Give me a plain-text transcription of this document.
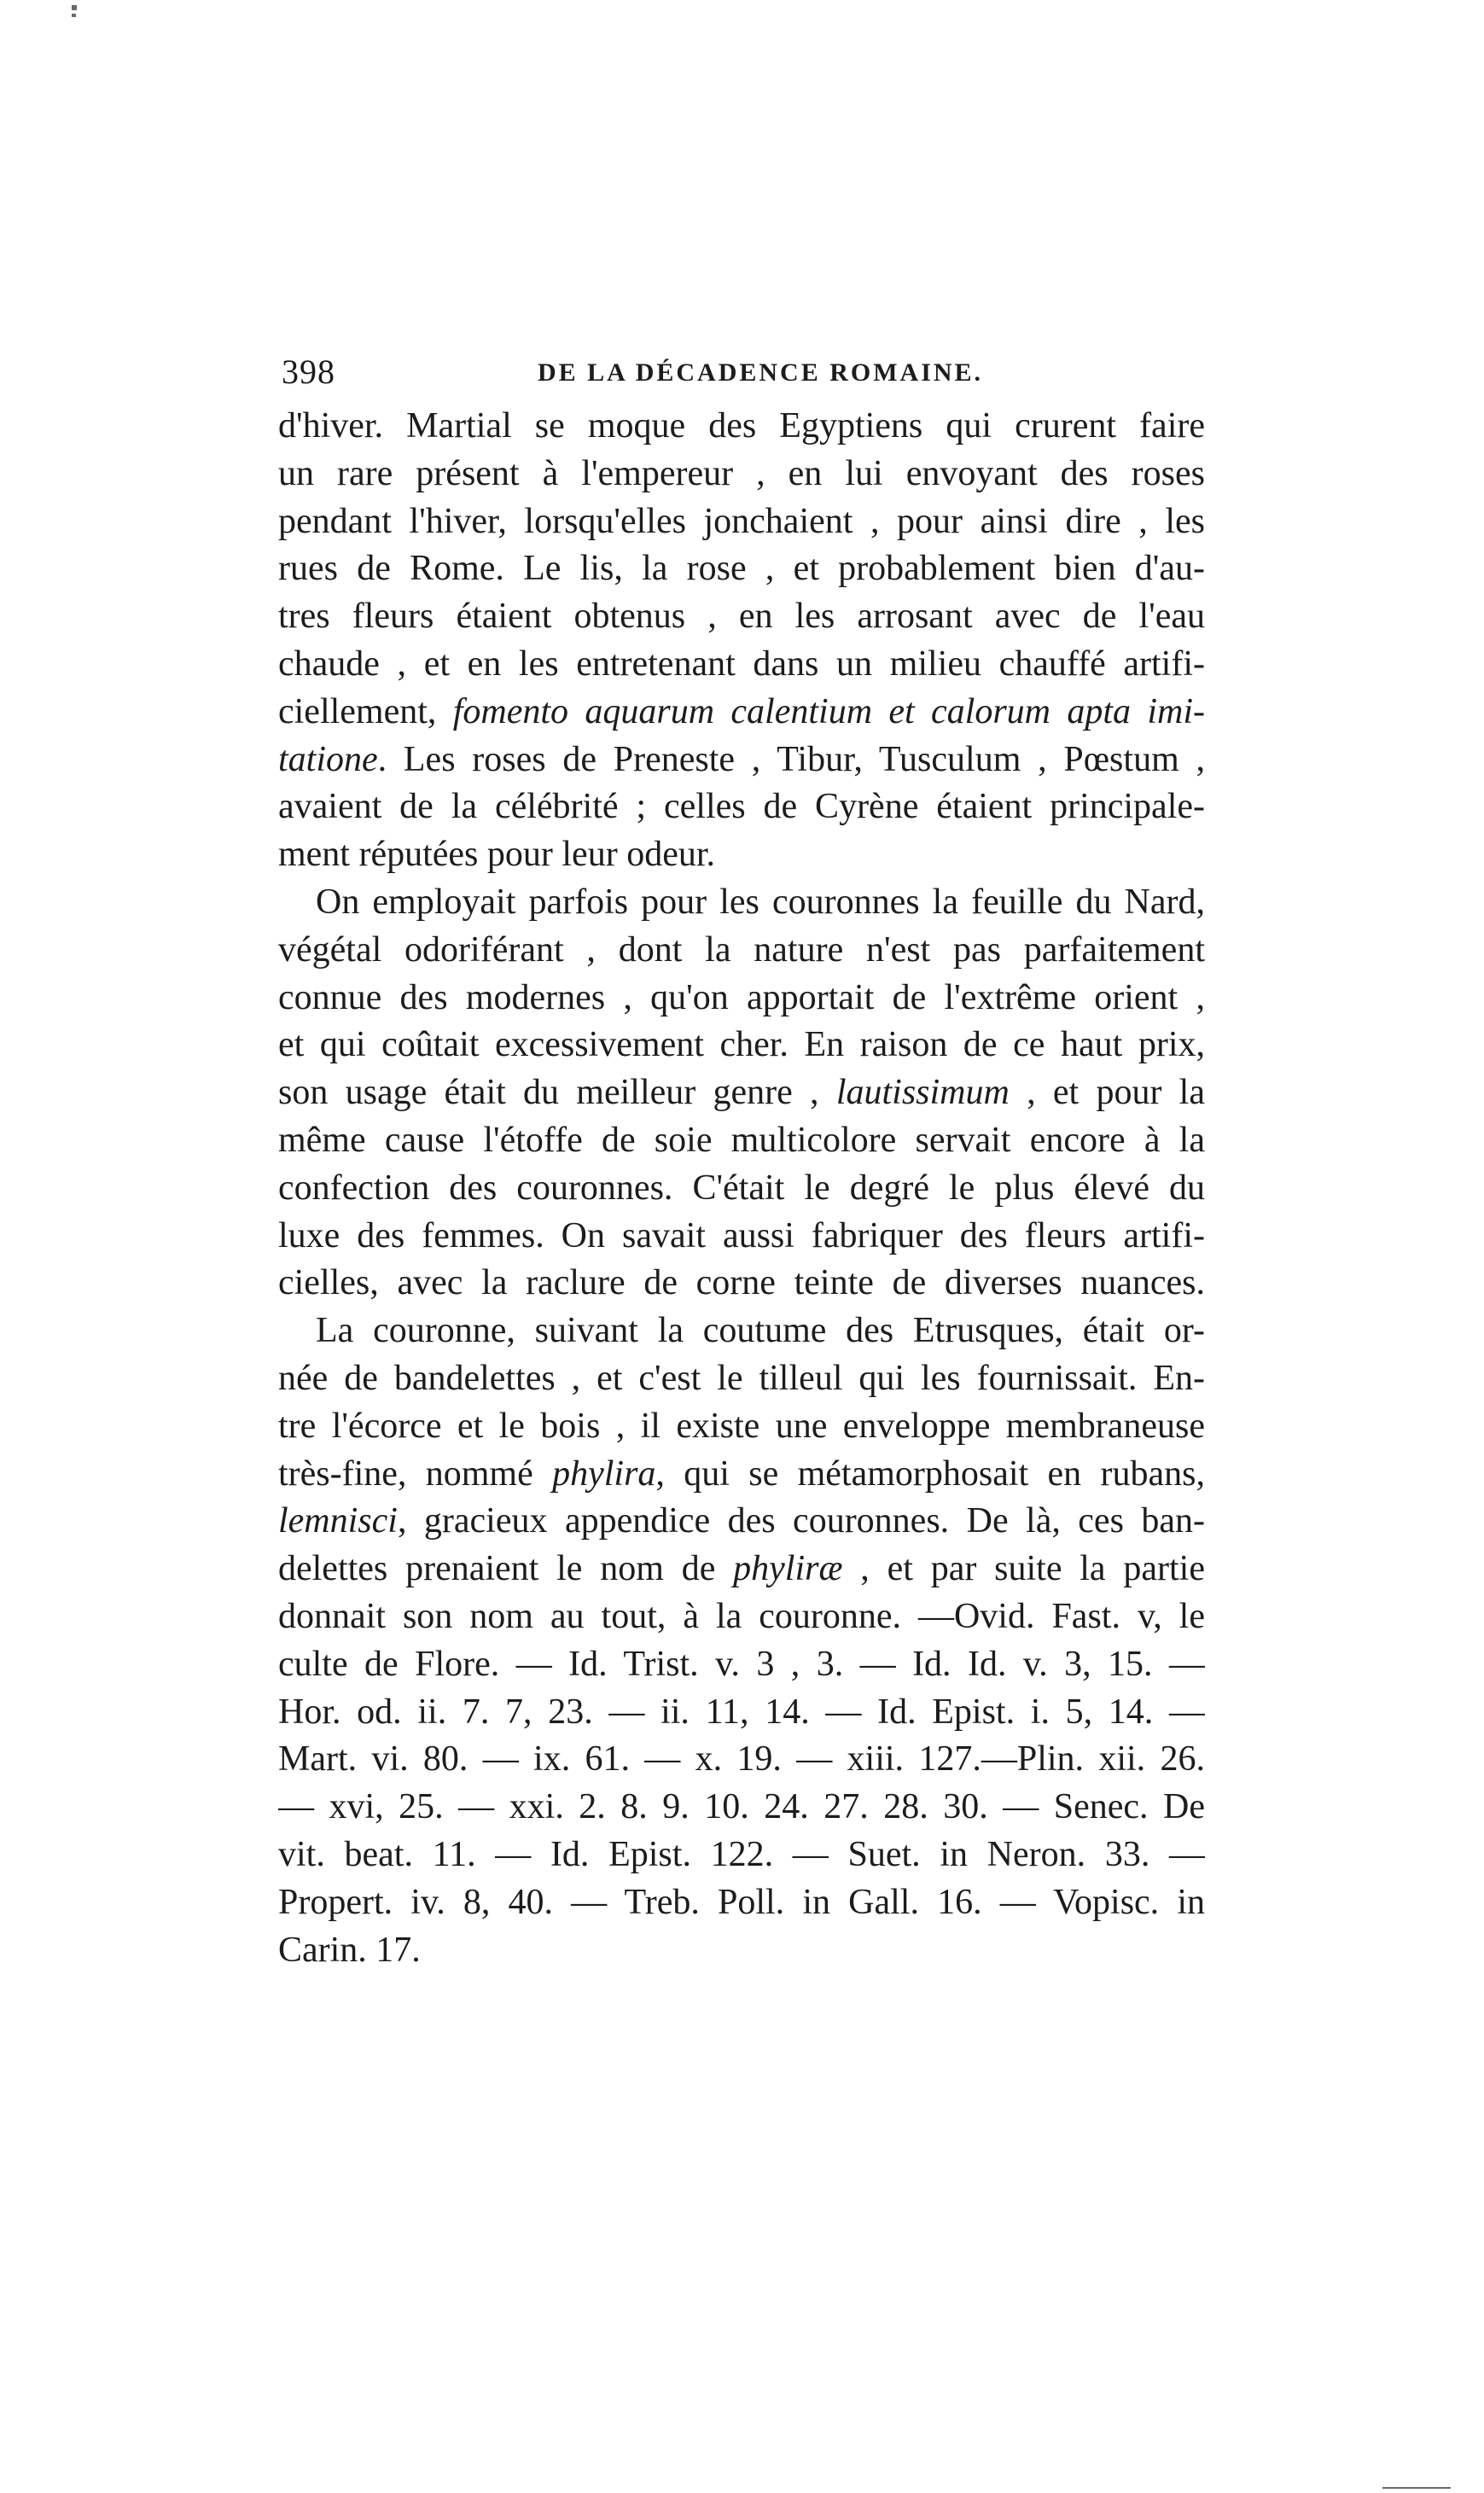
398	DE LA DÉCADENCE ROMAINE.

d'hiver. Martial se moque des Egyptiens qui crurent faire
un rare présent à l'empereur , en lui envoyant des roses
pendant l'hiver, lorsqu'elles jonchaient , pour ainsi dire , les
rues de Rome. Le lis, la rose , et probablement bien d'au-
tres fleurs étaient obtenus , en les arrosant avec de l'eau
chaude , et en les entretenant dans un milieu chauffé artifi-
ciellement, fomento aquarum calentium et calorum apta imi-
tatione. Les roses de Preneste , Tibur, Tusculum , Pœstum ,
avaient de la célébrité ; celles de Cyrène étaient principale-
ment réputées pour leur odeur.

On employait parfois pour les couronnes la feuille du Nard,
végétal odoriférant , dont la nature n'est pas parfaitement
connue des modernes , qu'on apportait de l'extrême orient ,
et qui coûtait excessivement cher. En raison de ce haut prix,
son usage était du meilleur genre , lautissimum , et pour la
même cause l'étoffe de soie multicolore servait encore à la
confection des couronnes. C'était le degré le plus élevé du
luxe des femmes. On savait aussi fabriquer des fleurs artifi-
cielles, avec la raclure de corne teinte de diverses nuances.

La couronne, suivant la coutume des Etrusques, était or-
née de bandelettes , et c'est le tilleul qui les fournissait. En-
tre l'écorce et le bois , il existe une enveloppe membraneuse
très-fine, nommé phylira, qui se métamorphosait en rubans,
lemnisci, gracieux appendice des couronnes. De là, ces ban-
delettes prenaient le nom de phyliræ , et par suite la partie
donnait son nom au tout, à la couronne. —Ovid. Fast. v, le
culte de Flore. — Id. Trist. v. 3 , 3. — Id. Id. v. 3, 15. —
Hor. od. ii. 7. 7, 23. — ii. 11, 14. — Id. Epist. i. 5, 14. —
Mart. vi. 80. — ix. 61. — x. 19. — xiii. 127.—Plin. xii. 26.
— xvi, 25. — xxi. 2. 8. 9. 10. 24. 27. 28. 30. — Senec. De
vit. beat. 11. — Id. Epist. 122. — Suet. in Neron. 33. —
Propert. iv. 8, 40. — Treb. Poll. in Gall. 16. — Vopisc. in
Carin. 17.
